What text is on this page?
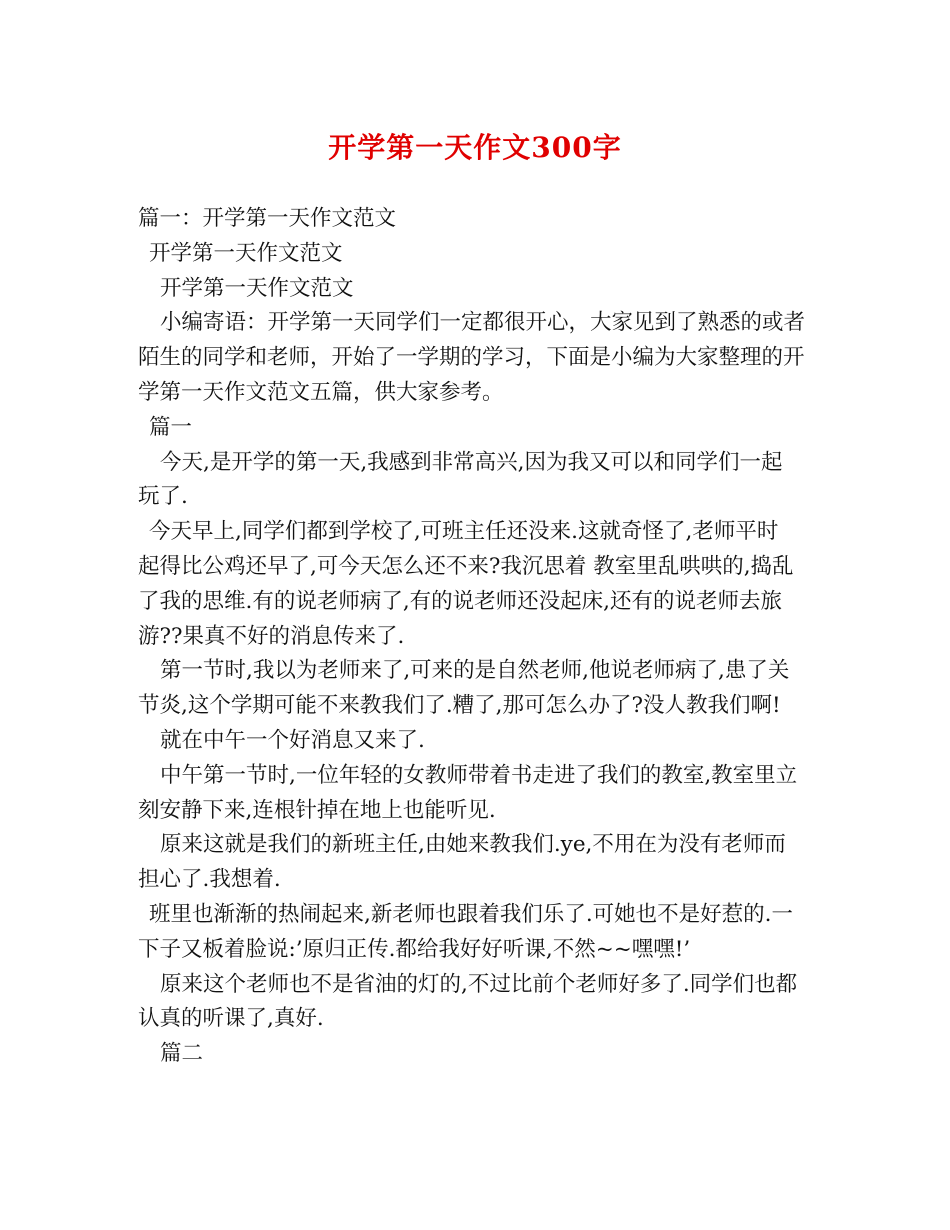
开学第一天作文300字
篇一：开学第一天作文范文
开学第一天作文范文
开学第一天作文范文
小编寄语：开学第一天同学们一定都很开心，大家见到了熟悉的或者
陌生的同学和老师，开始了一学期的学习，下面是小编为大家整理的开
学第一天作文范文五篇，供大家参考。
篇一
今天,是开学的第一天,我感到非常高兴,因为我又可以和同学们一起
玩了.
今天早上,同学们都到学校了,可班主任还没来.这就奇怪了,老师平时
起得比公鸡还早了,可今天怎么还不来?我沉思着 教室里乱哄哄的,捣乱
了我的思维.有的说老师病了,有的说老师还没起床,还有的说老师去旅
游??果真不好的消息传来了.
第一节时,我以为老师来了,可来的是自然老师,他说老师病了,患了关
节炎,这个学期可能不来教我们了.糟了,那可怎么办了?没人教我们啊!
就在中午一个好消息又来了.
中午第一节时,一位年轻的女教师带着书走进了我们的教室,教室里立
刻安静下来,连根针掉在地上也能听见.
原来这就是我们的新班主任,由她来教我们.ye,不用在为没有老师而
担心了.我想着.
班里也渐渐的热闹起来,新老师也跟着我们乐了.可她也不是好惹的.一
下子又板着脸说:’原归正传.都给我好好听课,不然~~嘿嘿!’
原来这个老师也不是省油的灯的,不过比前个老师好多了.同学们也都
认真的听课了,真好.
篇二
